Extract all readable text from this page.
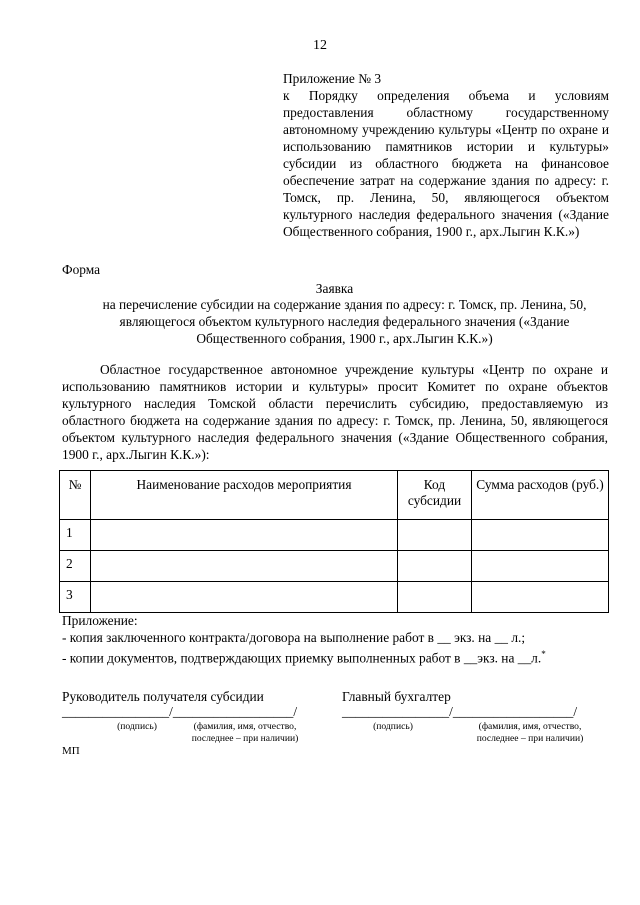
12

Приложение № 3

к Порядку определения объема и условиям предоставления областному государственному автономному учреждению культуры «Центр по охране и использованию памятников истории и культуры» субсидии из областного бюджета на финансовое обеспечение затрат на содержание здания по адресу: г. Томск, пр. Ленина, 50, являющегося объектом культурного наследия федерального значения («Здание Общественного собрания, 1900 г., арх.Лыгин К.К.»)

Форма
Заявка
на перечисление субсидии на содержание здания по адресу: г. Томск, пр. Ленина, 50, являющегося объектом культурного наследия федерального значения («Здание Общественного собрания, 1900 г., арх.Лыгин К.К.»)

Областное государственное автономное учреждение культуры «Центр по охране и использованию памятников истории и культуры» просит Комитет по охране объектов культурного наследия Томской области перечислить субсидию, предоставляемую из областного бюджета на содержание здания по адресу: г. Томск, пр. Ленина, 50, являющегося объектом культурного наследия федерального значения («Здание Общественного собрания, 1900 г., арх.Лыгин К.К.»):

№	Наименование расходов мероприятия	Код субсидии	Сумма расходов (руб.)
1			
2			
3			

Приложение:

- копия заключенного контракта/договора на выполнение работ в __ экз. на __ л.;

- копии документов, подтверждающих приемку выполненных работ в __экз. на __л.*

Руководитель получателя субсидии	Главный бухгалтер
________________/__________________/	________________/__________________/
(подпись)	(фамилия, имя, отчество,
последнее – при наличии)
(подпись)	(фамилия, имя, отчество,
последнее – при наличии)
МП
